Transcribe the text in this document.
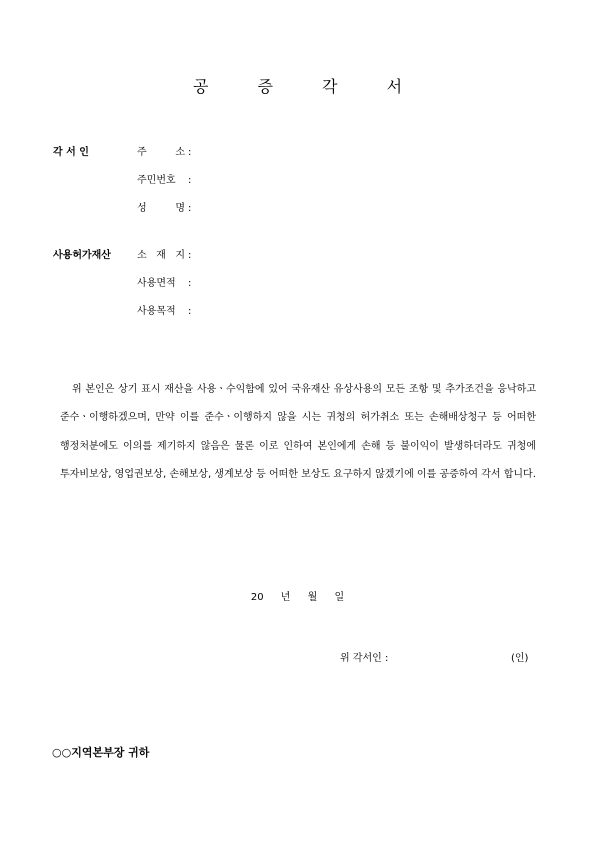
공 증 각 서
각 서 인	주 소 :
주민번호 :
성 명 :
사용허가재산	소 재 지 :
사용면적 :
사용목적 :
위 본인은 상기 표시 재산을 사용ㆍ수익함에 있어 국유재산 유상사용의 모든 조항 및 추가조건을 응낙하고 준수ㆍ이행하겠으며, 만약 이를 준수ㆍ이행하지 않을 시는 귀청의 허가취소 또는 손해배상청구 등 어떠한 행정처분에도 이의를 제기하지 않음은 물론 이로 인하여 본인에게 손해 등 불이익이 발생하더라도 귀청에 투자비보상, 영업권보상, 손해보상, 생계보상 등 어떠한 보상도 요구하지 않겠기에 이를 공증하여 각서 합니다.
20 년 월 일
위 각서인 :	(인)
○○지역본부장 귀하
